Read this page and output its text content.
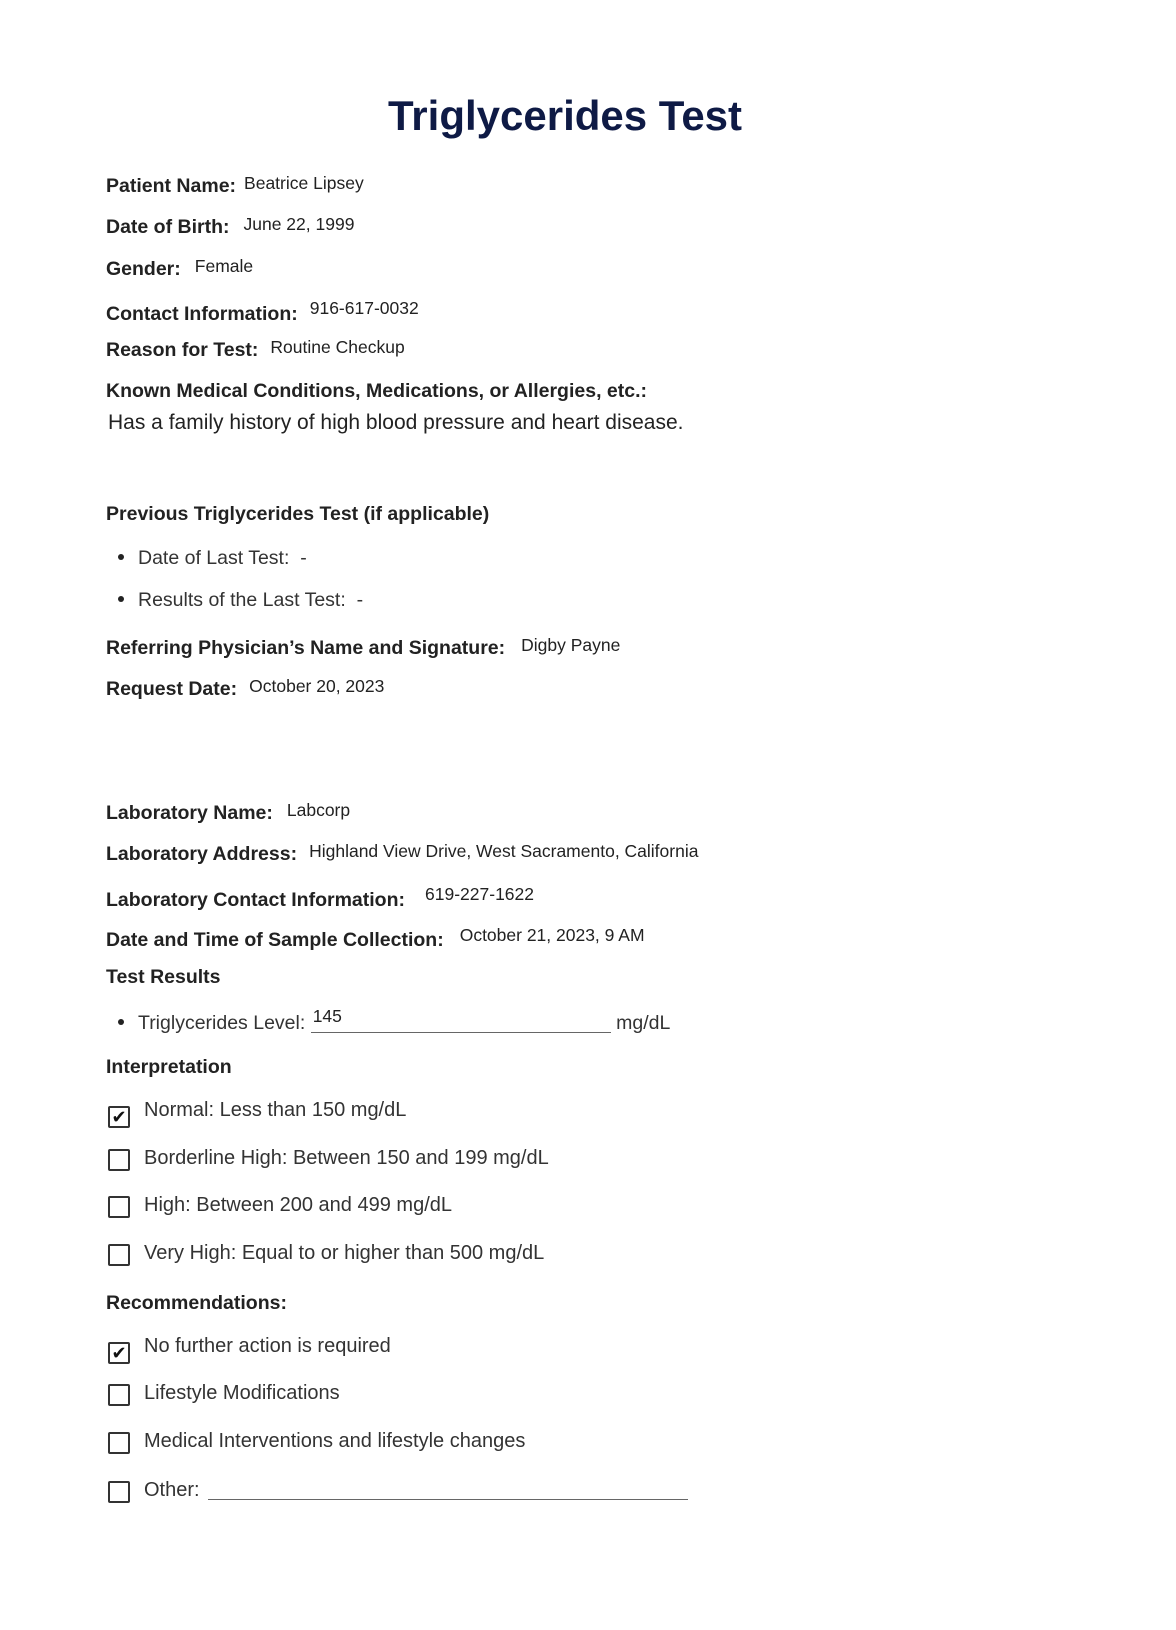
Triglycerides Test
Patient Name: Beatrice Lipsey
Date of Birth: June 22, 1999
Gender: Female
Contact Information: 916-617-0032
Reason for Test: Routine Checkup
Known Medical Conditions, Medications, or Allergies, etc.:
Has a family history of high blood pressure and heart disease.
Previous Triglycerides Test (if applicable)
Date of Last Test: -
Results of the Last Test: -
Referring Physician’s Name and Signature: Digby Payne
Request Date: October 20, 2023
Laboratory Name: Labcorp
Laboratory Address: Highland View Drive, West Sacramento, California
Laboratory Contact Information: 619-227-1622
Date and Time of Sample Collection: October 21, 2023, 9 AM
Test Results
Triglycerides Level: 145	mg/dL
Interpretation
✔ Normal: Less than 150 mg/dL
Borderline High: Between 150 and 199 mg/dL
High: Between 200 and 499 mg/dL
Very High: Equal to or higher than 500 mg/dL
Recommendations:
✔ No further action is required
Lifestyle Modifications
Medical Interventions and lifestyle changes
Other:
